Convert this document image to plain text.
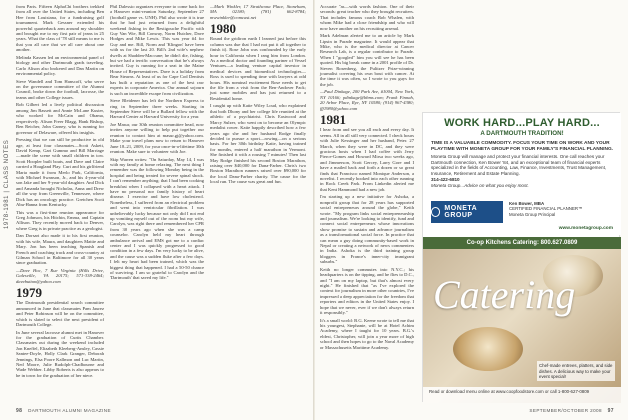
1978-1981 | CLASS NOTES

from Paris. Fifteen AlphaChi brothers trekked from all over the United States, including Ben Hee from Louisiana, for a fundraising golf tournament. Mark Gessner extended his powerful quarterback arm around my shoulder and brought me to my first pair of jeans in 25 years. What the class of '78 still means to me is that you all care that we all care about one another.

Melinda Kassen led an environmental panel of biology and other Dartmouth grads traveling. Carlo Alison also brokered and Dan Martin on environmental policy.

Steve Wandell and Tom Hanscoff, who serve on the governance committee of the Alumni Council, broke down the football, lacrosse, the teams and other College issues.

Rob Gilbert led a lively political discussion among Jim Bassett and Annie McLane Kuster, who worked for McCain and Obama, respectively. Alison Freer Blagg, Hank Bishop, Ben Reicher, John Carney, who is running for governor of Delaware, offered his insights.

Pressing that we can still be productive in old age, at least four classmates—Scott Askett, David Kemp, Gari Gummo and Bill Marriage—made the scene with small children in tow. Scott Hoopler built boats, and Dave and Claire carried a Hoagland Play. Curt and his girlfriend Maria made it from Merlo Park, California, with Michael Swanson, Jr., and his 4-year-old son Jake and her 9-year-old daughter. And Dick and Amanda brought Nicholas, Anna and Drew all the way from Greenville, Tennessee, where Dick has an oncology practice. Gretchen Scott Abu-Hanna from Kentucky.

This was a first-time reunion appearance for Greg Johnson, his Hitchin, Emma, and Captain Allison. They recently moved back to Denver, where Greg is in private practice as a geologist.

Dan Dorsart also made it to his first reunion, with his wife, Maura, and daughters Mattie and Mary. Jon has been teaching Spanish and French and coaching track and cross-country at Gilman School in Baltimore for all 30 years since graduation.

—Dave Hoc, 7 Rue Virginia (Hills Drive, Galesville, VA 20175; 571-338-2464; davebutton@yahoo.com

1979

The Dartmouth presidential search committee announced in June that classmates Pam Jaurez and Peter Robinson will be on the committee, which is slated to select the next president of Dartmouth College.

In June several lacrosse alumni met in Hanover for the graduation of Curtis Chamber. Classmates out during the weekend included Jon Kneffel, Elizabeth Kleeberg-Ansley, Cassie Santee-Doyle, Holly Clark Granger, Deborah Jennings, Elsa Poore Kallmon and Luc Martin, Ned Moore, Julie Rudolph-Chadbourne and Wade Webber. Libby Roberts is also appears to be in town for the graduation of her niece.

Phil Dalessio organizes everyone to come back for a Hanover mini-reunion Saturday, September 27 (football game vs. UNH). Phil also wrote it is true that he had just returned from a delightful weekend fishing in the Restigouche Pacific with Guy Van Wie, Bill Conway, Norm Hutcher, Dave Hodges and Mike Lewis. This was year #4 for Guy and me. Bill, Norm and 'Klingon' have been with us for the last 20. Bill's 2nd wife's nephew dwells at Shadden-Maccune; he didn't die, fishing, but we had a terrific conversation that he's always invited. Guy is running for a seat in the Maine House of Representatives. Dave is a holiday from Bear Stearns. At least of us for Cape Cod Dentists has built a reputation as one of the best raw experts in corporate America. Our annual sojourn is such an incredible escape from civilization.

Steve Bleidener has left the Northern Express to ring in September three weeks. Starting in September Steve will be a Bullard fellow with the Harvard Center at Harvard University for a year.

Joe Masur, our 30th reunion committee head, now invites anyone willing to help put together our reunion to contact him at masur.gj@yahoo.com. Make your travel plans now to return to Hanover June 18–21, 2009, for your once-in-a-lifetime 30th reunion. Make sure to volunteer with Joe.

Skip Warren writes: "On Saturday, May 14, I was with my family at home relaxing. The next thing I remember was the following Monday being in the hospital and being treated for severe spinal shock. I can't remember anything; that I had been cooking breakfast when I collapsed with a heart attack. I have no personal nor family history of heart disease. I exercise and have low cholesterol. Nonetheless, I suffered from an electrical problem and went into ventricular fibrillation. I was unbelievably lucky because not only did I not end up vomiting myself out of the room but my wife, Carolyn, was right there and remembered her CPR from 30 years ago when she was a camp counselor. Carolyn held my heart through ambulance arrival and EMS got me to a cardiac center and I was quickly progressed to good condition in a few days. I'm very lucky to be alive, and the cause was a sudden fluke after a few days. I felt my heart had been trained, which was the biggest thing that happened. I had a 50-50 chance of surviving. I am so grateful to Carolyn and the 'Dartmouth' that saved my life."

—Mark Winkler, 17 Strathcona Place, Stoneham, MA 02180; (781) 662-8784; mwwinkler@comcast.net

1980

Round the gridiron earth I learned just before this column was due that I had not put it all together to finish it). Rose John was confounded by the early hour in California when I rang him from London. As a medical doctor and founding partner of Vessel Ventures—a leading venture capital investor in medical devices and biomedical technologies—Ross is used to spending time with lawyers at odd hours. His nominal excitement Rose needs to get the file from a visit from the Ben-Andover Pack; just some mobiles and has just returned to a Residential home.

I caught up with Katie Wiley Loud, who explained that both Dhony and her college life reunited at the athletic of a psychiatrist. Chris Eastwood and Marcy Sulzer, who went on to become an Olympic medalist rower. Katie happily described how a few years ago she and her husband Rodge finally decided to pursue a sport—rowing—on a serious basis. For her 30th birthday Katie, having trained for months, entered a half marathon in Vermont. She finished it with a rousing 7 minutes! Then last May Rodge finished his second Boston Marathon, raising over $40,000 for Dana-Farber. Chris's two Boston Marathon runners raised over $90,000 for the local Dana-Farber charity. The cause for the local run. The cause was great and fun.

Accurate "as—with words fashion. One of their seconds: great teacher who they brought recruiters. That includes famous coach Bob Whalen, with whom Mike had a close friendship and who will now have another on his recruiting arsenal.

Mark Adelman alerted me to an article by Mark Lipsin in Parade magazine. It would appear that Mike, who is the medical director at Cancer Research Lab, is a regular contributor to Parade. When I "googled" him you will see he has been quoted. His big break came in a 2001 profile of Dr. Steven Rosenberg, the Pulitzer Prize-winning journalist covering his own bout with cancer. At the time it was often, so I wrote to you guys for the job.

—Paul Dinkage, 200 Park Ave, #1004, New York, NY 10166; pdinkage@bbms.com; Frank Finnah, 20 Arbor Place, Rye, NY 10580; (914) 967-4380; fff1980@yahoo.com

1981

I hear from and see you all each and every day. It seems. All in all still very connected. I check hours with Julie Kessinger and her husband, Peter. 27 March, when they were in DC, and they were gracious hosts when I had coffee with Jerry Pierce-Gomes and Howard Mirsa two weeks ago, and Jimmerson, Scott Gercey, Larry Gore and I have a mailed back and forth a dozen or so great finds that Francisco named Monique Anderson, a novelist. I recently booked into each other running in Rock Creek Park. From Linkedin alerted me that Kent Hammond had a new job.

I'm starting up a new initiative for Ashoka, a nonprofit group that for 28 years has supported social entrepreneurs around the globe," Keith wrote. "My program links social entrepreneurship and journalism. We're looking to identify, fund and connect social entrepreneurs whose innovations show promise to sustain and advance journalism as a transformational social force. In practice that can mean a guy doing community-based work in Nepal or creating a network of news commenters in India. Ashoka is the third training group bloggers in France's inner-city immigrant suburbs."

Keith no longer commutes into N.Y.C.; his headquarters is on the tipping, and he flies to D.C., and "I am on my laptop, but that's almost every night." He finished that "as I've explored the context for journalism in more other countries, I've impressed a deep appreciation for the freedom that reporters and editors in the United States enjoy. I hope that we never, ever if we don't always return it responsibly."

It's a small world: B.G. Keene wrote to tell me that his youngest, Stephanie, will be at Hotel Achim Academy, where I taught for 10 years. B.G.'s eldest, Christopher, will join a year more of high school and then hopes to go to the Naval Academy or Massachusetts Maritime Academy.

WORK HARD...PLAY HARD...
A DARTMOUTH TRADITION!
TIME IS A VALUABLE COMMODITY. FOCUS YOUR TIME ON WORK AND YOUR PLAYTIME WITH MONETA GROUP FOR YOUR FAMILY'S FINANCIAL PLANNING.
Moneta Group will manage and protect your financial interests. One call reaches your Dartmouth connection, Ken Bower '84, and an exceptional team of financial experts specialized in the fields of Accounting, Law, Finance, Investments, Trust Management, Insurance, Retirement and Estate Planning.
314-422-6810
Moneta Group...Advice on what you enjoy most.
MONETA GROUP
Ken Bower, MBA
CERTIFIED FINANCIAL PLANNER™
Moneta Group Principal
www.monetagroup.com
Co-op Kitchens Catering: 800.627.0809
Catering
Chef-made entrees, platters, and side dishes. A delicious way to make your event special!
Read or download menu online at www.coopfoodstore.com or call 1-800-627-0809
98 DARTMOUTH ALUMNI MAGAZINE	SEPTEMBER/OCTOBER 2008 97
